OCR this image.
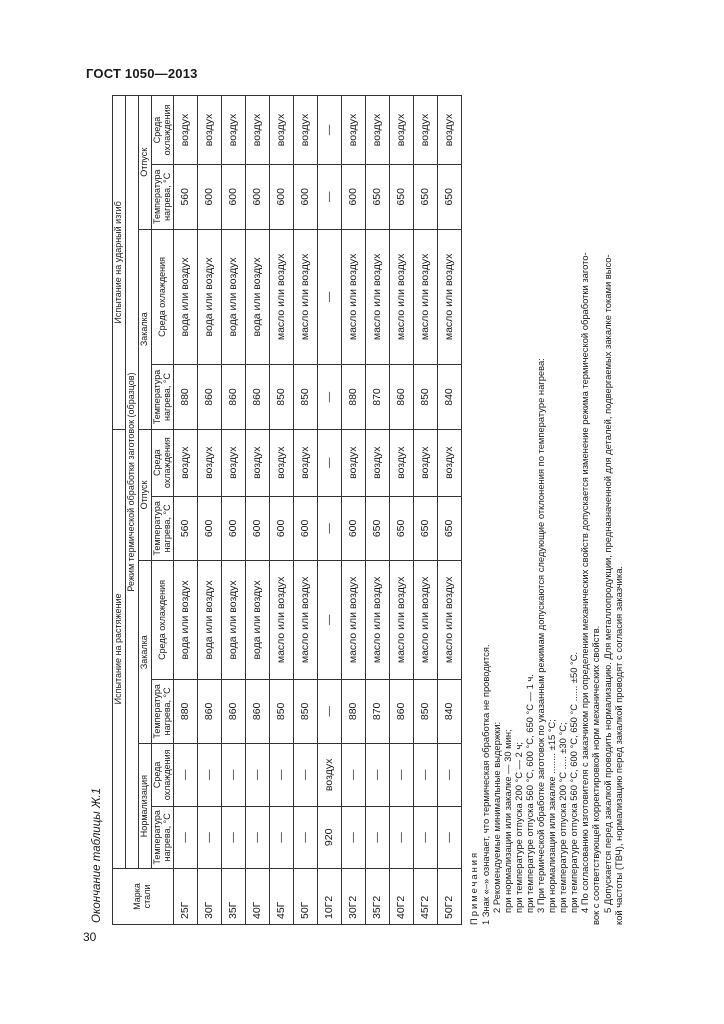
ГОСТ 1050—2013
30
Окончание таблицы Ж.1	Марка стали	Испытание на растяжение						Испытание на ударный изгиб			
	Режим термической обработки заготовок (образцов)									
	Нормализация		Закалка		Отпуск		Закалка		Отпуск	
	Температура нагрева, °С	Среда охлаждения	Температура нагрева, °С	Среда охлаждения	Температура нагрева, °С	Среда охлаждения	Температура нагрева, °С	Среда охлаждения	Температура нагрева, °С	Среда охлаждения
25Г	—	—	880	вода или воздух	560	воздух	880	вода или воздух	560	воздух
30Г	—	—	860	вода или воздух	600	воздух	860	вода или воздух	600	воздух
35Г	—	—	860	вода или воздух	600	воздух	860	вода или воздух	600	воздух
40Г	—	—	860	вода или воздух	600	воздух	860	вода или воздух	600	воздух
45Г	—	—	850	масло или воздух	600	воздух	850	масло или воздух	600	воздух
50Г	—	—	850	масло или воздух	600	воздух	850	масло или воздух	600	воздух
10Г2	920	воздух	—	—	—	—	—	—	—	—
30Г2	—	—	880	масло или воздух	600	воздух	880	масло или воздух	600	воздух
35Г2	—	—	870	масло или воздух	650	воздух	870	масло или воздух	650	воздух
40Г2	—	—	860	масло или воздух	650	воздух	860	масло или воздух	650	воздух
45Г2	—	—	850	масло или воздух	650	воздух	850	масло или воздух	650	воздух
50Г2	—	—	840	масло или воздух	650	воздух	840	масло или воздух	650	воздух
Примечания 1 Знак «–» означает, что термическая обработка не проводится. 2 Рекомендуемые минимальные выдержки: при нормализации или закалке — 30 мин; при температуре отпуска 200 °С — 2 ч; при температуре отпуска 560 °С, 600 °С, 650 °С — 1 ч. 3 При термической обработке заготовок по указанным режимам допускаются следующие отклонения по температуре нагрева: при нормализации или закалке ........ ±15 °С; при температуре отпуска 200 °С ..... ±30 °С; при температуре отпуска 560 °С, 600 °С, 650 °С ...... ±50 °С. 4 По согласованию изготовителя с заказчиком при определении механических свойств допускается изменение режима термической обработки загото- вок с соответствующей корректировкой норм механических свойств. 5 Допускается перед закалкой проводить нормализацию. Для металлопродукции, предназначенной для деталей, подвергаемых закалке токами высо- кой частоты (ТВЧ), нормализацию перед закалкой проводят с согласия заказчика.
